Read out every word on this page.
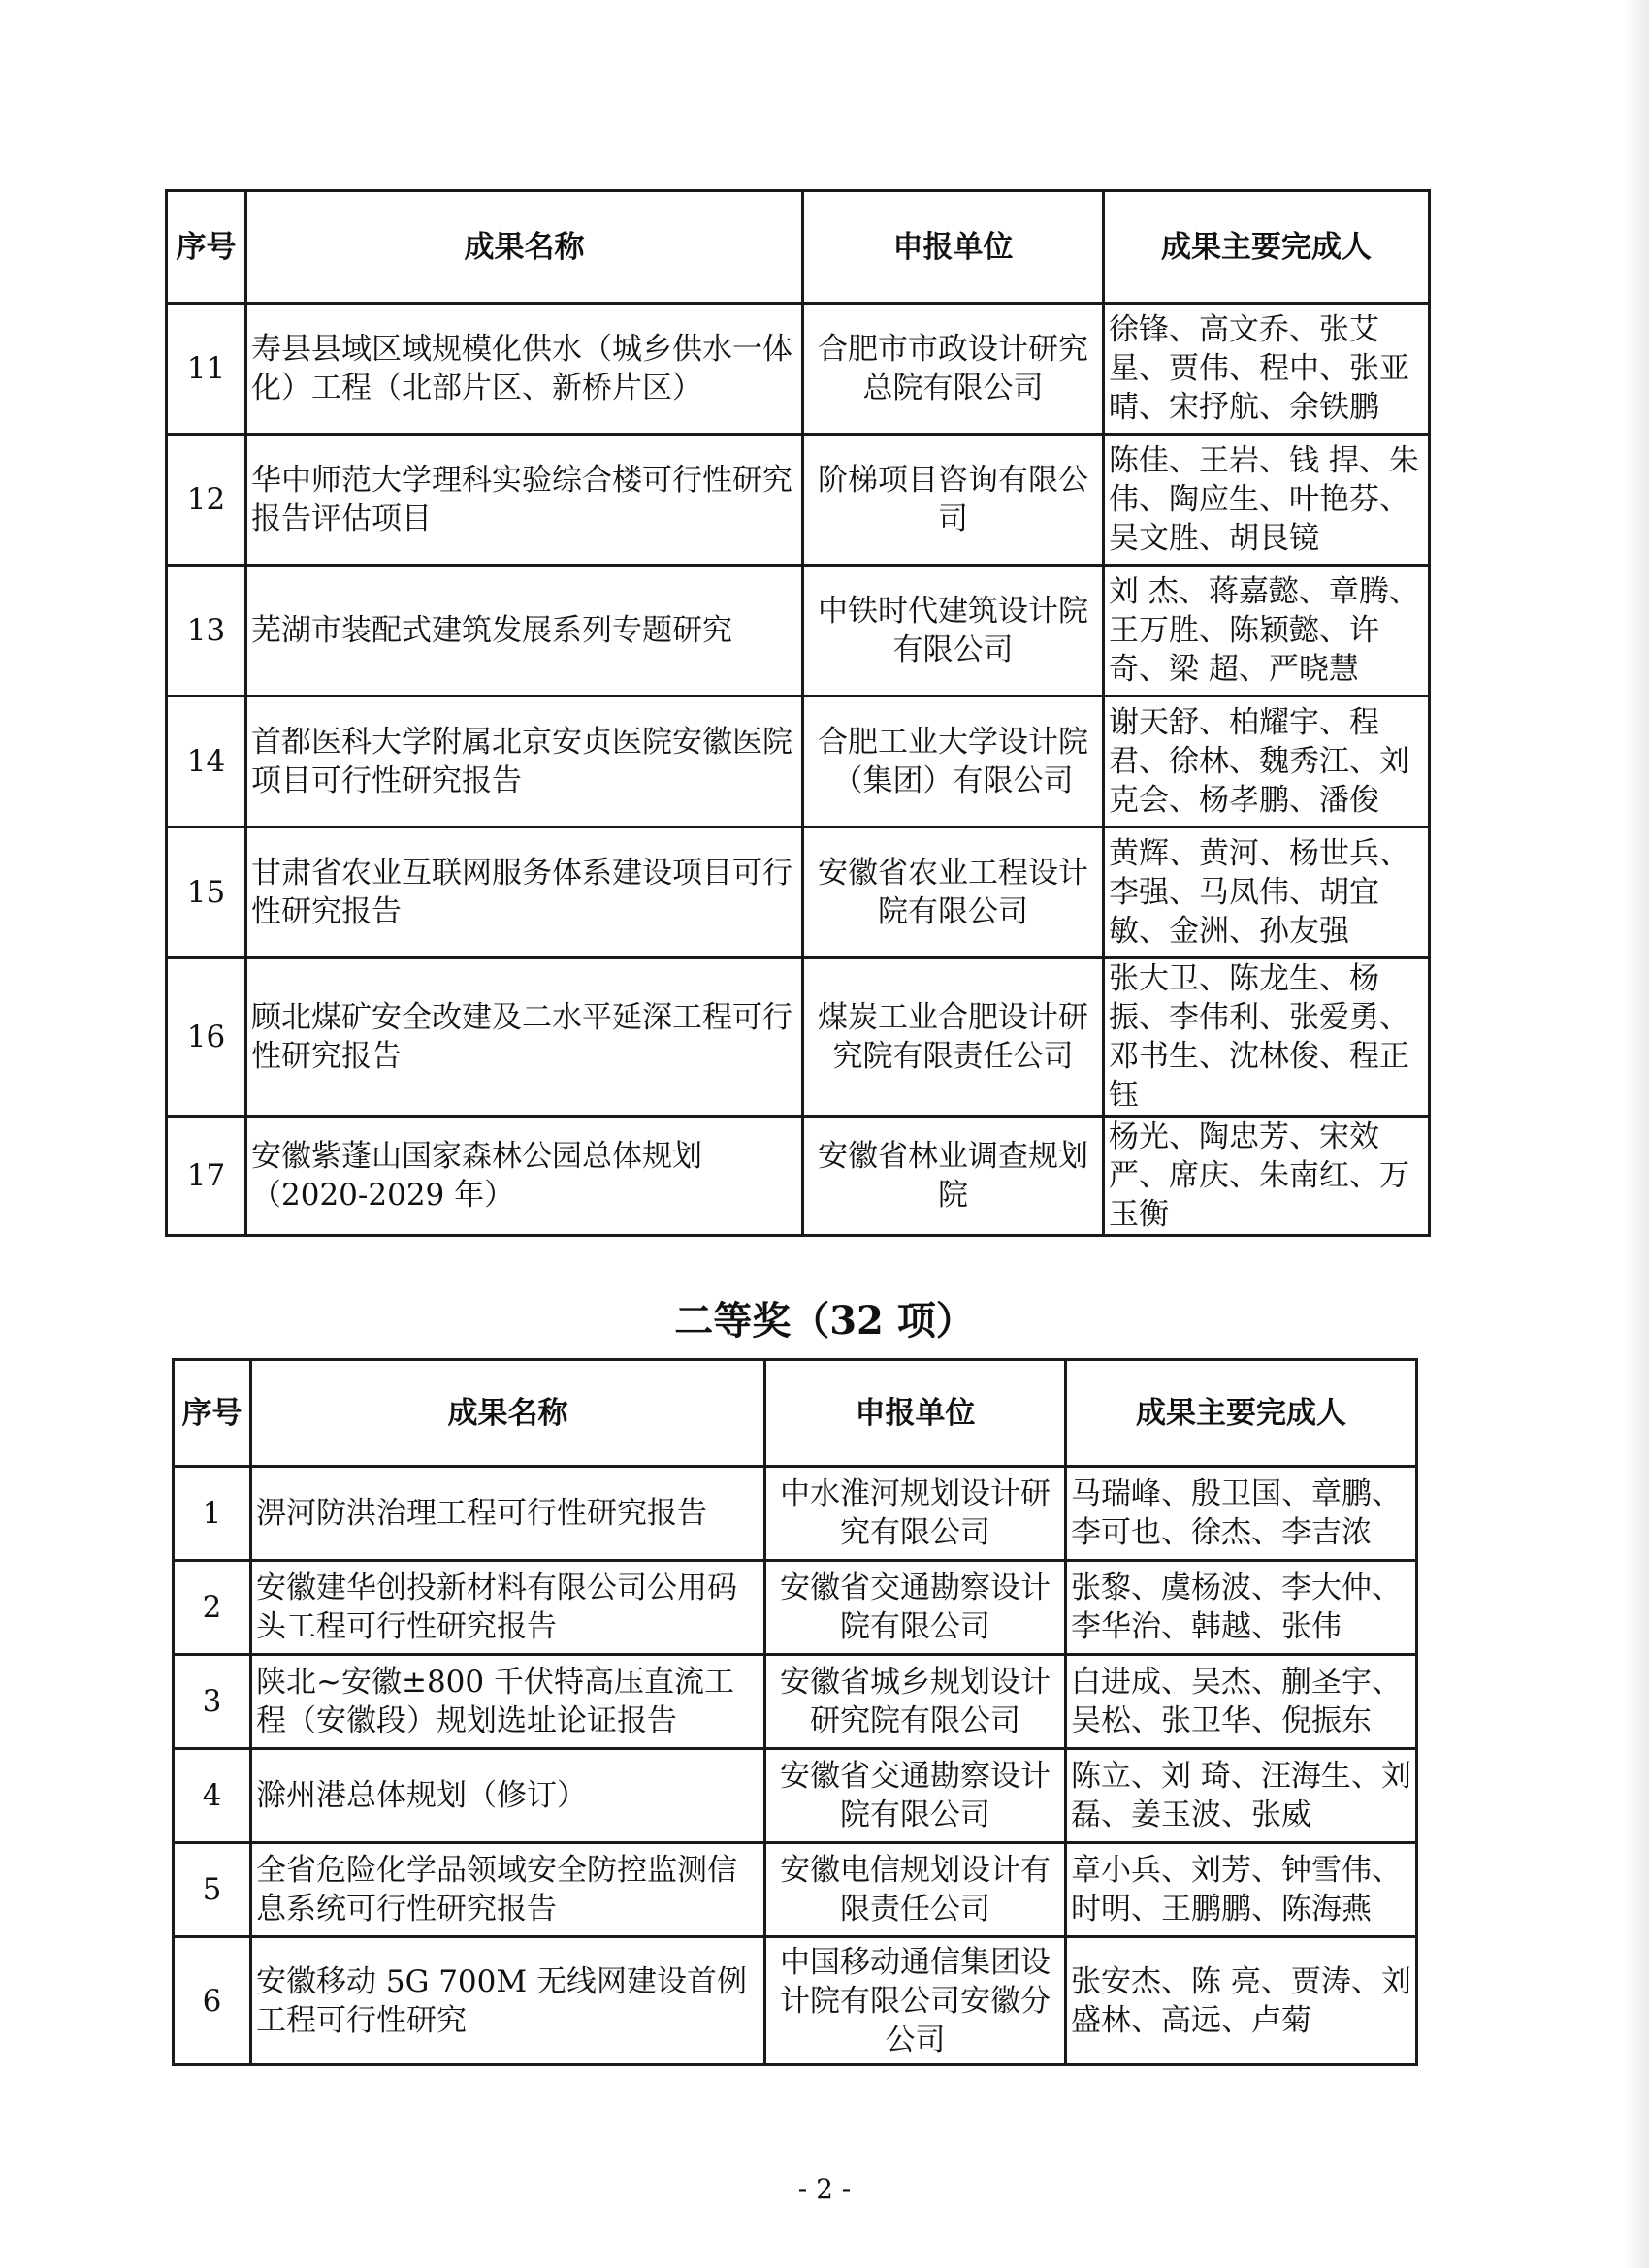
序号	成果名称	申报单位	成果主要完成人
11	寿县县域区域规模化供水（城乡供水一体化）工程（北部片区、新桥片区）	合肥市市政设计研究总院有限公司	徐锋、高文乔、张艾星、贾伟、程中、张亚晴、宋抒航、余铁鹏
12	华中师范大学理科实验综合楼可行性研究报告评估项目	阶梯项目咨询有限公司	陈佳、王岩、钱 捍、朱伟、陶应生、叶艳芬、吴文胜、胡艮镜
13	芜湖市装配式建筑发展系列专题研究	中铁时代建筑设计院有限公司	刘 杰、蒋嘉懿、章腾、王万胜、陈颖懿、许奇、梁 超、严晓慧
14	首都医科大学附属北京安贞医院安徽医院项目可行性研究报告	合肥工业大学设计院（集团）有限公司	谢天舒、柏耀宇、程君、徐林、魏秀江、刘克会、杨孝鹏、潘俊
15	甘肃省农业互联网服务体系建设项目可行性研究报告	安徽省农业工程设计院有限公司	黄辉、黄河、杨世兵、李强、马凤伟、胡宜敏、金洲、孙友强
16	顾北煤矿安全改建及二水平延深工程可行性研究报告	煤炭工业合肥设计研究院有限责任公司	张大卫、陈龙生、杨振、李伟利、张爱勇、邓书生、沈林俊、程正钰
17	安徽紫蓬山国家森林公园总体规划（2020-2029 年）	安徽省林业调查规划院	杨光、陶忠芳、宋效严、席庆、朱南红、万玉衡
二等奖（32 项）
序号	成果名称	申报单位	成果主要完成人
1	淠河防洪治理工程可行性研究报告	中水淮河规划设计研究有限公司	马瑞峰、殷卫国、章鹏、李可也、徐杰、李吉浓
2	安徽建华创投新材料有限公司公用码头工程可行性研究报告	安徽省交通勘察设计院有限公司	张黎、虞杨波、李大仲、李华治、韩越、张伟
3	陕北~安徽±800 千伏特高压直流工程（安徽段）规划选址论证报告	安徽省城乡规划设计研究院有限公司	白进成、吴杰、蒯圣宇、吴松、张卫华、倪振东
4	滁州港总体规划（修订）	安徽省交通勘察设计院有限公司	陈立、刘 琦、汪海生、刘磊、姜玉波、张威
5	全省危险化学品领域安全防控监测信息系统可行性研究报告	安徽电信规划设计有限责任公司	章小兵、刘芳、钟雪伟、时明、王鹏鹏、陈海燕
6	安徽移动 5G 700M 无线网建设首例工程可行性研究	中国移动通信集团设计院有限公司安徽分公司	张安杰、陈 亮、贾涛、刘盛林、高远、卢菊
- 2 -
